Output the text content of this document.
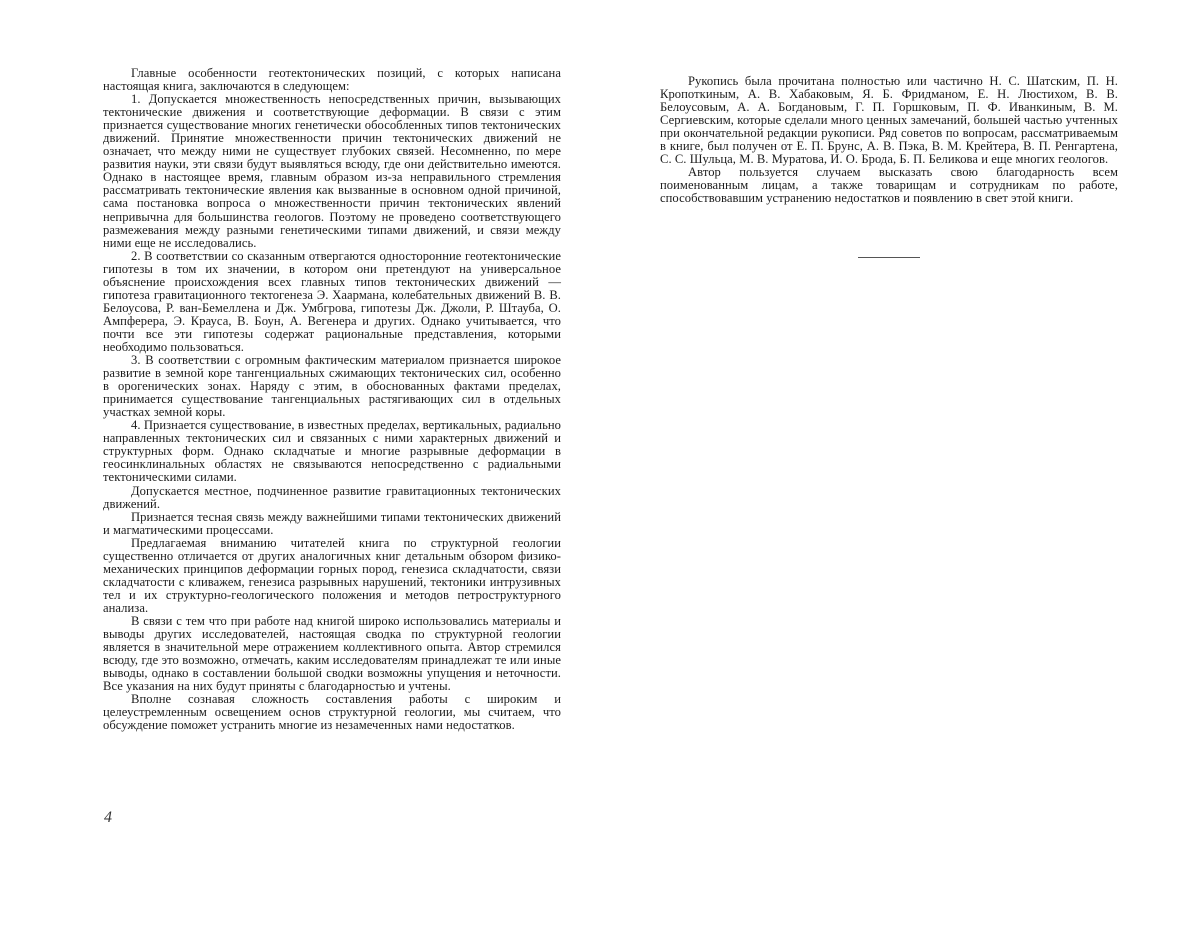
Главные особенности геотектонических позиций, с которых написана настоящая книга, заключаются в следующем:

1. Допускается множественность непосредственных причин, вызывающих тектонические движения и соответствующие деформации. В связи с этим признается существование многих генетически обособленных типов тектонических движений. Принятие множественности причин тектонических движений не означает, что между ними не существует глубоких связей. Несомненно, по мере развития науки, эти связи будут выявляться всюду, где они действительно имеются. Однако в настоящее время, главным образом из-за неправильного стремления рассматривать тектонические явления как вызванные в основном одной причиной, сама постановка вопроса о множественности причин тектонических явлений непривычна для большинства геологов. Поэтому не проведено соответствующего размежевания между разными генетическими типами движений, и связи между ними еще не исследовались.

2. В соответствии со сказанным отвергаются односторонние геотектонические гипотезы в том их значении, в котором они претендуют на универсальное объяснение происхождения всех главных типов тектонических движений — гипотеза гравитационного тектогенеза Э. Хаармана, колебательных движений В. В. Белоусова, Р. ван-Бемеллена и Дж. Умбгрова, гипотезы Дж. Джоли, Р. Штауба, О. Ампферера, Э. Крауса, В. Боун, А. Вегенера и других. Однако учитывается, что почти все эти гипотезы содержат рациональные представления, которыми необходимо пользоваться.

3. В соответствии с огромным фактическим материалом признается широкое развитие в земной коре тангенциальных сжимающих тектонических сил, особенно в орогенических зонах. Наряду с этим, в обоснованных фактами пределах, принимается существование тангенциальных растягивающих сил в отдельных участках земной коры.

4. Признается существование, в известных пределах, вертикальных, радиально направленных тектонических сил и связанных с ними характерных движений и структурных форм. Однако складчатые и многие разрывные деформации в геосинклинальных областях не связываются непосредственно с радиальными тектоническими силами.

Допускается местное, подчиненное развитие гравитационных тектонических движений.

Признается тесная связь между важнейшими типами тектонических движений и магматическими процессами.

Предлагаемая вниманию читателей книга по структурной геологии существенно отличается от других аналогичных книг детальным обзором физико-механических принципов деформации горных пород, генезиса складчатости, связи складчатости с кливажем, генезиса разрывных нарушений, тектоники интрузивных тел и их структурно-геологического положения и методов петроструктурного анализа.

В связи с тем что при работе над книгой широко использовались материалы и выводы других исследователей, настоящая сводка по структурной геологии является в значительной мере отражением коллективного опыта. Автор стремился всюду, где это возможно, отмечать, каким исследователям принадлежат те или иные выводы, однако в составлении большой сводки возможны упущения и неточности. Все указания на них будут приняты с благодарностью и учтены.

Вполне сознавая сложность составления работы с широким и целеустремленным освещением основ структурной геологии, мы считаем, что обсуждение поможет устранить многие из незамеченных нами недостатков.

4

Рукопись была прочитана полностью или частично Н. С. Шатским, П. Н. Кропоткиным, А. В. Хабаковым, Я. Б. Фридманом, Е. Н. Люстихом, В. В. Белоусовым, А. А. Богдановым, Г. П. Горшковым, П. Ф. Иванкиным, В. М. Сергиевским, которые сделали много ценных замечаний, большей частью учтенных при окончательной редакции рукописи. Ряд советов по вопросам, рассматриваемым в книге, был получен от Е. П. Брунс, А. В. Пэка, В. М. Крейтера, В. П. Ренгартена, С. С. Шульца, М. В. Муратова, И. О. Брода, Б. П. Беликова и еще многих геологов.

Автор пользуется случаем высказать свою благодарность всем поименованным лицам, а также товарищам и сотрудникам по работе, способствовавшим устранению недостатков и появлению в свет этой книги.
